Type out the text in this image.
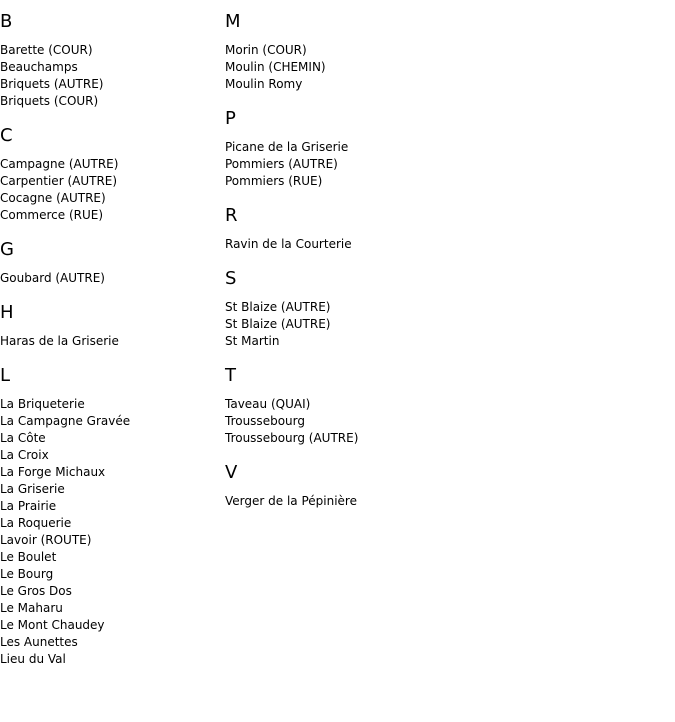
B
Barette (COUR)
Beauchamps
Briquets (AUTRE)
Briquets (COUR)
C
Campagne (AUTRE)
Carpentier (AUTRE)
Cocagne (AUTRE)
Commerce (RUE)
G
Goubard (AUTRE)
H
Haras de la Griserie
L
La Briqueterie
La Campagne Gravée
La Côte
La Croix
La Forge Michaux
La Griserie
La Prairie
La Roquerie
Lavoir (ROUTE)
Le Boulet
Le Bourg
Le Gros Dos
Le Maharu
Le Mont Chaudey
Les Aunettes
Lieu du Val
M
Morin (COUR)
Moulin (CHEMIN)
Moulin Romy
P
Picane de la Griserie
Pommiers (AUTRE)
Pommiers (RUE)
R
Ravin de la Courterie
S
St Blaize (AUTRE)
St Blaize (AUTRE)
St Martin
T
Taveau (QUAI)
Troussebourg
Troussebourg (AUTRE)
V
Verger de la Pépinière
